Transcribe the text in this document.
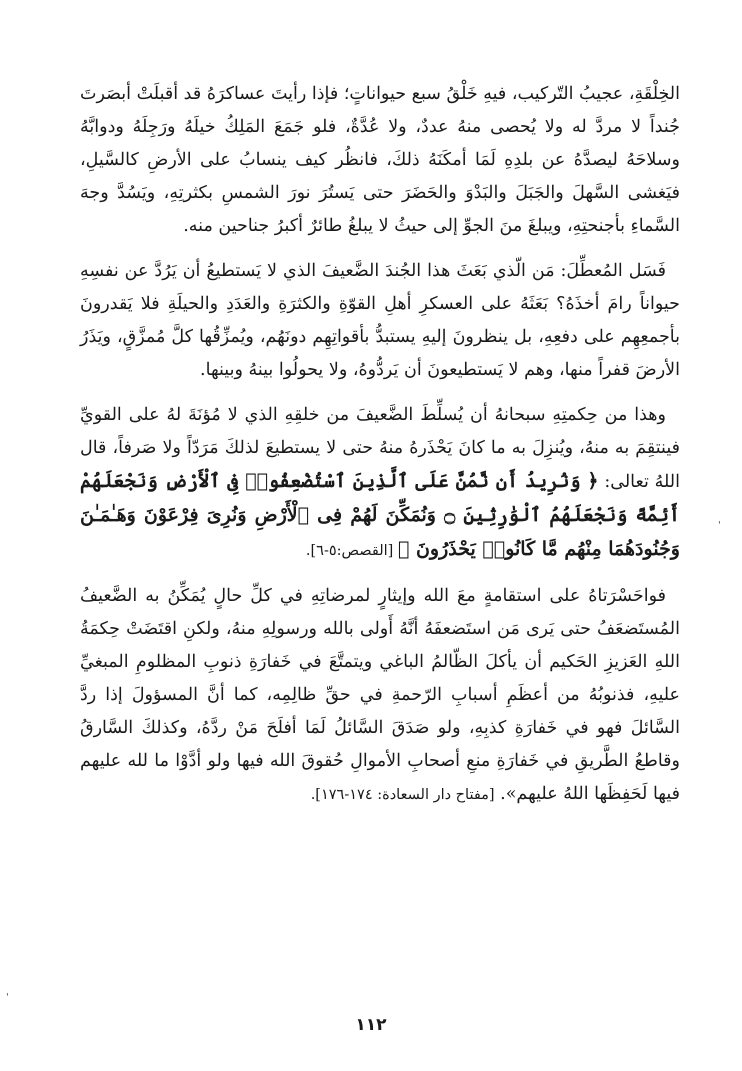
الخِلْقَةِ، عجيبُ التّركيب، فيهِ خَلْقُ سبع حيواناتٍ؛ فإذا رأيتَ عساكرَهُ قد أقبلَتْ أبصَرتَ جُنداً لا مردَّ له ولا يُحصى منهُ عددٌ، ولا عُدَّةٌ، فلو جَمَعَ المَلِكُ خيلَهُ ورَجِلَهُ ودوابَّهُ وسلاحَهُ ليصدَّهُ عن بلدِهِ لَمَا أمكَنَهُ ذلكَ، فانظُر كيف ينسابُ على الأرضِ كالسَّيلِ، فيَغشى السَّهلَ والجَبَلَ والبَدْوَ والحَضَرَ حتى يَستُرَ نورَ الشمسِ بكثرتِهِ، ويَسُدَّ وجهَ السَّماءِ بأجنحتِهِ، ويبلغَ منَ الجوِّ إلى حيثُ لا يبلغُ طائرٌ أكبرُ جناحين منه.

فَسَل المُعطِّلَ: مَن الّذي بَعَثَ هذا الجُندَ الضَّعيفَ الذي لا يَستطيعُ أن يَرُدَّ عن نفسِهِ حيواناً رامَ أخذَهُ؟ بَعَثَهُ على العسكرِ أهلِ القوّةِ والكثرَةِ والعَدَدِ والحيلَةِ فلا يَقدرونَ بأجمعِهِم على دفعِهِ، بل ينظرونَ إليهِ يستبدُّ بأقواتِهِم دونَهُم، ويُمزِّقُها كلَّ مُمزَّقٍ، ويَذَرُ الأرضَ قفراً منها، وهم لا يَستطيعونَ أن يَردُّوهُ، ولا يحولُوا بينهُ وبينها.

وهذا من حِكمتِهِ سبحانهُ أن يُسلِّطَ الضَّعيفَ من خلقِهِ الذي لا مُؤنَةَ لهُ على القويِّ فينتقِمَ به منهُ، ويُنزِلَ به ما كانَ يَحْذَرهُ منهُ حتى لا يستطيعَ لذلكَ مَرَدّاً ولا صَرفاً، قال اللهُ تعالى: ﴿ وَنُرِيدُ أَن نَّمُنَّ عَلَى ٱلَّذِينَ ٱسْتُضْعِفُوا۟ فِى ٱلْأَرْضِ وَنَجْعَلَهُمْ أَئِمَّةً وَنَجْعَلَهُمُ ٱلْوَٰرِثِينَ ۝ وَنُمَكِّنَ لَهُمْ فِى ٱلْأَرْضِ وَنُرِىَ فِرْعَوْنَ وَهَـٰمَـٰنَ وَجُنُودَهُمَا مِنْهُم مَّا كَانُوا۟ يَحْذَرُونَ ﴾ [القصص:٥-٦].

فواحَسْرَتاهُ على استقامةٍ معَ الله وإيثارٍ لمرضاتِهِ في كلِّ حالٍ يُمَكِّنُ به الضَّعيفُ المُستَضعَفُ حتى يَرى مَن استَضعفَهُ أنَّهُ أَولى بالله ورسولِهِ منهُ، ولكنِ اقتَضَتْ حِكمَةُ اللهِ العَزيزِ الحَكيم أن يأكلَ الظّالمُ الباغي ويتمتَّعَ في خَفارَةِ ذنوبِ المظلومِ المبغيِّ عليهِ، فذنوبُهُ من أعظَمِ أسبابِ الرّحمةِ في حقِّ ظالِمِه، كما أنَّ المسؤولَ إذا ردَّ السَّائلَ فهو في خَفارَةِ كذبِهِ، ولو صَدَقَ السَّائلُ لَمَا أفلَحَ مَنْ ردَّهُ، وكذلكَ السَّارقُ وقاطعُ الطَّريقِ في خَفارَةِ منعِ أصحابِ الأموالِ حُقوقَ الله فيها ولو أدَّوْا ما لله عليهم فيها لَحَفِظَها اللهُ عليهم». [مفتاح دار السعادة: ١٧٤-١٧٦].

١١٢
'
'
